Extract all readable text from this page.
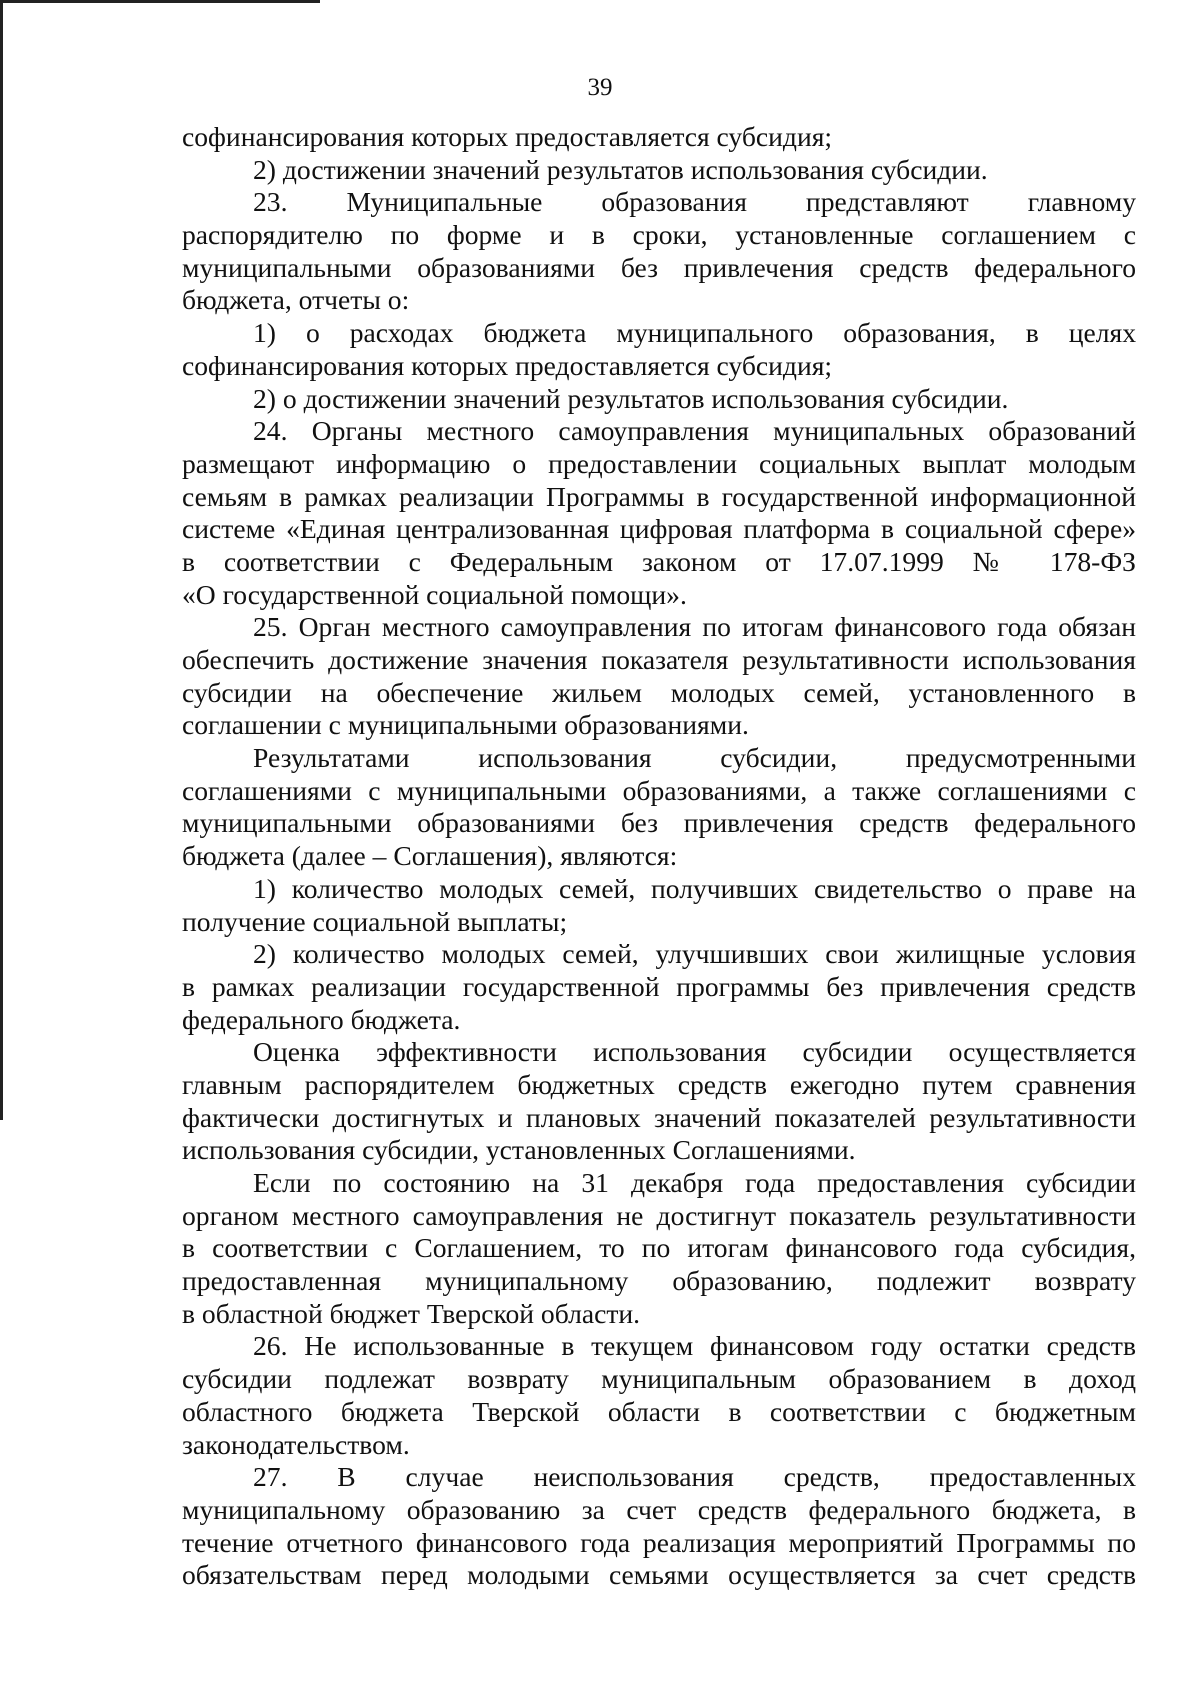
39
софинансирования которых предоставляется субсидия;
2) достижении значений результатов использования субсидии.
23. Муниципальные образования представляют главному
распорядителю по форме и в сроки, установленные соглашением с
муниципальными образованиями без привлечения средств федерального
бюджета, отчеты о:
1) о расходах бюджета муниципального образования, в целях
софинансирования которых предоставляется субсидия;
2) о достижении значений результатов использования субсидии.
24. Органы местного самоуправления муниципальных образований
размещают информацию о предоставлении социальных выплат молодым
семьям в рамках реализации Программы в государственной информационной
системе «Единая централизованная цифровая платформа в социальной сфере»
в соответствии с Федеральным законом от 17.07.1999 № 178-ФЗ
«О государственной социальной помощи».
25. Орган местного самоуправления по итогам финансового года обязан
обеспечить достижение значения показателя результативности использования
субсидии на обеспечение жильем молодых семей, установленного в
соглашении с муниципальными образованиями.
Результатами использования субсидии, предусмотренными
соглашениями с муниципальными образованиями, а также соглашениями с
муниципальными образованиями без привлечения средств федерального
бюджета (далее – Соглашения), являются:
1) количество молодых семей, получивших свидетельство о праве на
получение социальной выплаты;
2) количество молодых семей, улучшивших свои жилищные условия
в рамках реализации государственной программы без привлечения средств
федерального бюджета.
Оценка эффективности использования субсидии осуществляется
главным распорядителем бюджетных средств ежегодно путем сравнения
фактически достигнутых и плановых значений показателей результативности
использования субсидии, установленных Соглашениями.
Если по состоянию на 31 декабря года предоставления субсидии
органом местного самоуправления не достигнут показатель результативности
в соответствии с Соглашением, то по итогам финансового года субсидия,
предоставленная муниципальному образованию, подлежит возврату
в областной бюджет Тверской области.
26. Не использованные в текущем финансовом году остатки средств
субсидии подлежат возврату муниципальным образованием в доход
областного бюджета Тверской области в соответствии с бюджетным
законодательством.
27. В случае неиспользования средств, предоставленных
муниципальному образованию за счет средств федерального бюджета, в
течение отчетного финансового года реализация мероприятий Программы по
обязательствам перед молодыми семьями осуществляется за счет средств
